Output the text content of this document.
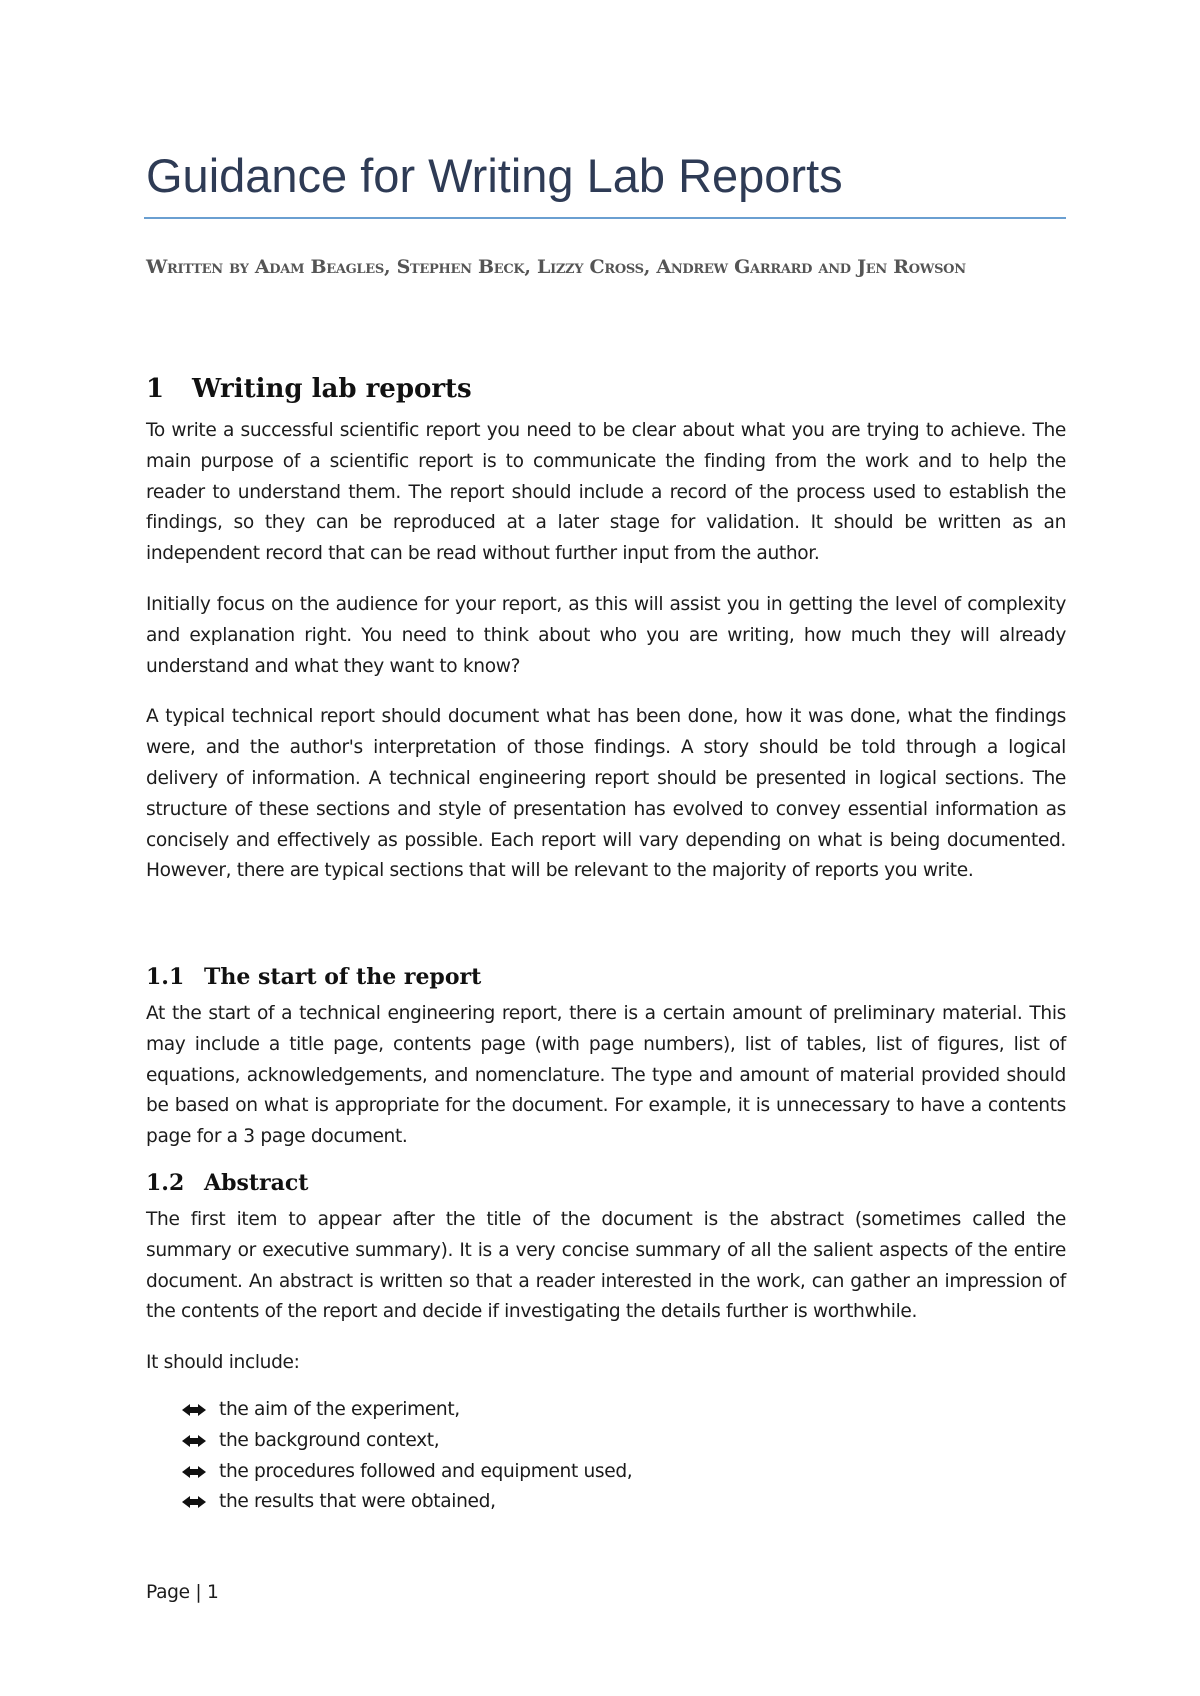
Guidance for Writing Lab Reports
Written by Adam Beagles, Stephen Beck, Lizzy Cross, Andrew Garrard and Jen Rowson
1	Writing lab reports

To write a successful scientific report you need to be clear about what you are trying to achieve. The main purpose of a scientific report is to communicate the finding from the work and to help the reader to understand them. The report should include a record of the process used to establish the findings, so they can be reproduced at a later stage for validation. It should be written as an independent record that can be read without further input from the author.

Initially focus on the audience for your report, as this will assist you in getting the level of complexity and explanation right. You need to think about who you are writing, how much they will already understand and what they want to know?

A typical technical report should document what has been done, how it was done, what the findings were, and the author's interpretation of those findings. A story should be told through a logical delivery of information. A technical engineering report should be presented in logical sections. The structure of these sections and style of presentation has evolved to convey essential information as concisely and effectively as possible. Each report will vary depending on what is being documented. However, there are typical sections that will be relevant to the majority of reports you write.

1.1 The start of the report

At the start of a technical engineering report, there is a certain amount of preliminary material. This may include a title page, contents page (with page numbers), list of tables, list of figures, list of equations, acknowledgements, and nomenclature. The type and amount of material provided should be based on what is appropriate for the document. For example, it is unnecessary to have a contents page for a 3 page document.

1.2 Abstract

The first item to appear after the title of the document is the abstract (sometimes called the summary or executive summary). It is a very concise summary of all the salient aspects of the entire document. An abstract is written so that a reader interested in the work, can gather an impression of the contents of the report and decide if investigating the details further is worthwhile.

It should include:

the aim of the experiment,
the background context,
the procedures followed and equipment used,
the results that were obtained,
Page | 1
